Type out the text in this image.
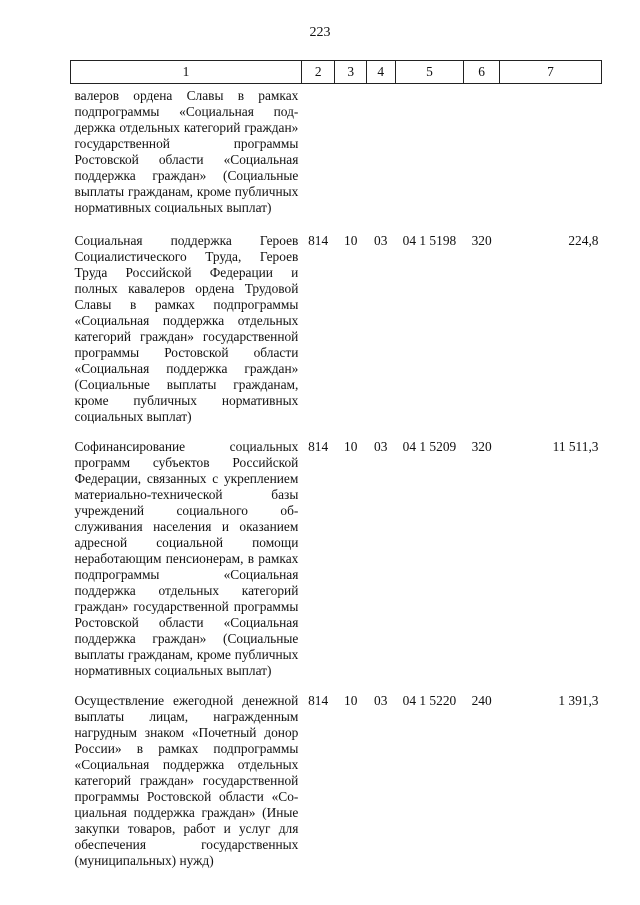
223
1	2	3	4	5	6	7
валеров ордена Славы в рамках подпрограммы «Социальная поддержка отдельных категорий граждан» государственной программы Ростовской области «Социальная поддержка граждан» (Социальные выплаты гражданам, кроме публичных нормативных социальных выплат)						
Социальная поддержка Героев Социалистического Труда, Героев Труда Российской Федерации и полных кавалеров ордена Трудовой Славы в рамках подпрограммы «Социальная поддержка отдельных категорий граждан» государственной программы Ростовской области «Социальная поддержка граждан» (Социальные выплаты гражданам, кроме публичных нормативных социальных выплат)	814	10	03	04 1 5198	320	224,8
Софинансирование социальных программ субъектов Российской Федерации, связанных с укреплением материально-технической базы учреждений социального обслуживания населения и оказанием адресной социальной помощи неработающим пенсионерам, в рамках подпрограммы «Социальная поддержка отдельных категорий граждан» государственной программы Ростовской области «Социальная поддержка граждан» (Социальные выплаты гражданам, кроме публичных нормативных социальных выплат)	814	10	03	04 1 5209	320	11 511,3
Осуществление ежегодной денежной выплаты лицам, награжденным нагрудным знаком «Почетный донор России» в рамках подпрограммы «Социальная поддержка отдельных категорий граждан» государственной программы Ростовской области «Социальная поддержка граждан» (Иные закупки товаров, работ и услуг для обеспечения государственных (муниципальных) нужд)	814	10	03	04 1 5220	240	1 391,3
